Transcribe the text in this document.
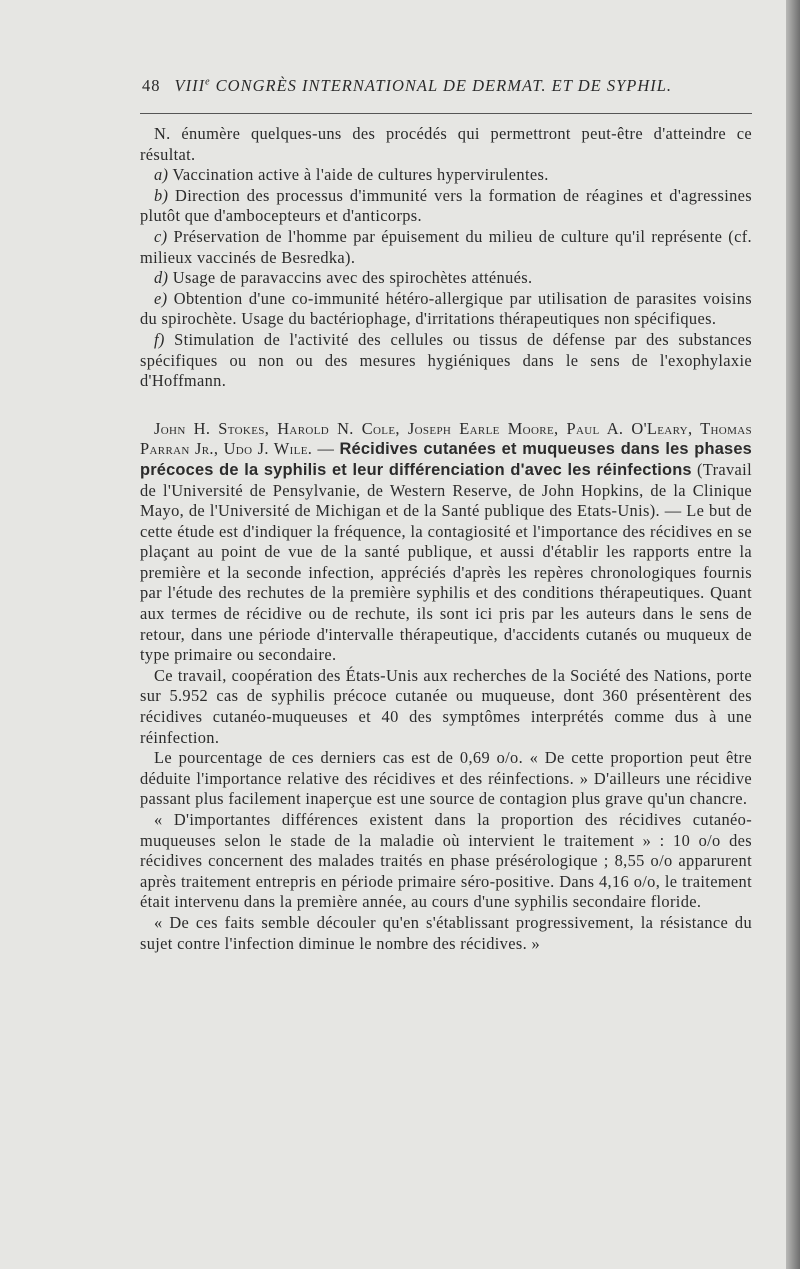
48 VIIIe CONGRÈS INTERNATIONAL DE DERMAT. ET DE SYPHIL.

N. énumère quelques-uns des procédés qui permettront peut-être d'atteindre ce résultat.

a) Vaccination active à l'aide de cultures hypervirulentes.

b) Direction des processus d'immunité vers la formation de réagines et d'agressines plutôt que d'ambocepteurs et d'anticorps.

c) Préservation de l'homme par épuisement du milieu de culture qu'il représente (cf. milieux vaccinés de Besredka).

d) Usage de paravaccins avec des spirochètes atténués.

e) Obtention d'une co-immunité hétéro-allergique par utilisation de parasites voisins du spirochète. Usage du bactériophage, d'irritations thérapeutiques non spécifiques.

f) Stimulation de l'activité des cellules ou tissus de défense par des substances spécifiques ou non ou des mesures hygiéniques dans le sens de l'exophylaxie d'Hoffmann.

John H. Stokes, Harold N. Cole, Joseph Earle Moore, Paul A. O'Leary, Thomas Parran Jr., Udo J. Wile. — Récidives cutanées et muqueuses dans les phases précoces de la syphilis et leur différenciation d'avec les réinfections (Travail de l'Université de Pensylvanie, de Western Reserve, de John Hopkins, de la Clinique Mayo, de l'Université de Michigan et de la Santé publique des Etats-Unis). — Le but de cette étude est d'indiquer la fréquence, la contagiosité et l'importance des récidives en se plaçant au point de vue de la santé publique, et aussi d'établir les rapports entre la première et la seconde infection, appréciés d'après les repères chronologiques fournis par l'étude des rechutes de la première syphilis et des conditions thérapeutiques. Quant aux termes de récidive ou de rechute, ils sont ici pris par les auteurs dans le sens de retour, dans une période d'intervalle thérapeutique, d'accidents cutanés ou muqueux de type primaire ou secondaire.

Ce travail, coopération des États-Unis aux recherches de la Société des Nations, porte sur 5.952 cas de syphilis précoce cutanée ou muqueuse, dont 360 présentèrent des récidives cutanéo-muqueuses et 40 des symptômes interprétés comme dus à une réinfection.

Le pourcentage de ces derniers cas est de 0,69 o/o. « De cette proportion peut être déduite l'importance relative des récidives et des réinfections. » D'ailleurs une récidive passant plus facilement inaperçue est une source de contagion plus grave qu'un chancre.

« D'importantes différences existent dans la proportion des récidives cutanéo-muqueuses selon le stade de la maladie où intervient le traitement » : 10 o/o des récidives concernent des malades traités en phase présérologique ; 8,55 o/o apparurent après traitement entrepris en période primaire séro-positive. Dans 4,16 o/o, le traitement était intervenu dans la première année, au cours d'une syphilis secondaire floride.

« De ces faits semble découler qu'en s'établissant progressivement, la résistance du sujet contre l'infection diminue le nombre des récidives. »
